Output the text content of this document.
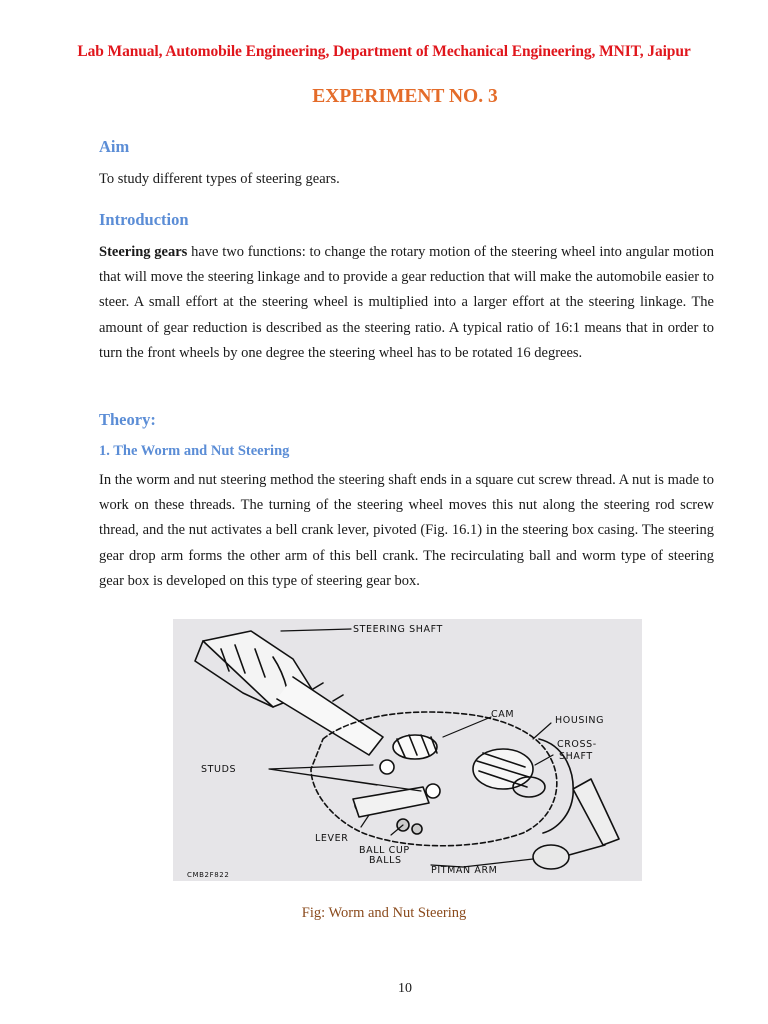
Lab Manual, Automobile Engineering, Department of Mechanical Engineering, MNIT, Jaipur
EXPERIMENT NO. 3
Aim
To study different types of steering gears.
Introduction

Steering gears have two functions: to change the rotary motion of the steering wheel into angular motion that will move the steering linkage and to provide a gear reduction that will make the automobile easier to steer. A small effort at the steering wheel is multiplied into a larger effort at the steering linkage. The amount of gear reduction is described as the steering ratio. A typical ratio of 16:1 means that in order to turn the front wheels by one degree the steering wheel has to be rotated 16 degrees.

Theory:
1. The Worm and Nut Steering

In the worm and nut steering method the steering shaft ends in a square cut screw thread. A nut is made to work on these threads. The turning of the steering wheel moves this nut along the steering rod screw thread, and the nut activates a bell crank lever, pivoted (Fig. 16.1) in the steering box casing. The steering gear drop arm forms the other arm of this bell crank. The recirculating ball and worm type of steering gear box is developed on this type of steering gear box.

STEERING SHAFT
CAM
HOUSING
CROSS-
SHAFT
STUDS
LEVER
BALL CUP
BALLS
PITMAN ARM
CMB2F822
Fig: Worm and Nut Steering
10
